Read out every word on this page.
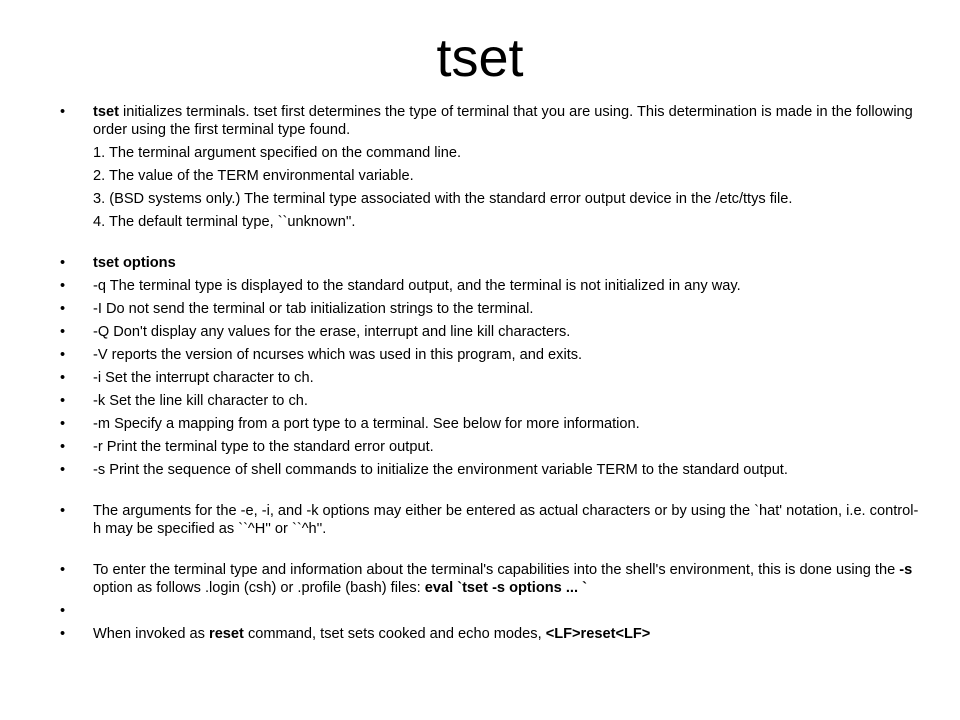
tset
• tset initializes terminals. tset first determines the type of terminal that you are using. This determination is made in the following order using the first terminal type found.
1. The terminal argument specified on the command line.
2. The value of the TERM environmental variable.
3. (BSD systems only.) The terminal type associated with the standard error output device in the /etc/ttys file.
4. The default terminal type, ``unknown''.
• tset options
• -q The terminal type is displayed to the standard output, and the terminal is not initialized in any way.
• -I Do not send the terminal or tab initialization strings to the terminal.
• -Q Don't display any values for the erase, interrupt and line kill characters.
• -V reports the version of ncurses which was used in this program, and exits.
• -i Set the interrupt character to ch.
• -k Set the line kill character to ch.
• -m Specify a mapping from a port type to a terminal. See below for more information.
• -r Print the terminal type to the standard error output.
• -s Print the sequence of shell commands to initialize the environment variable TERM to the standard output.
• The arguments for the -e, -i, and -k options may either be entered as actual characters or by using the `hat' notation, i.e. control-h may be specified as ``^H'' or ``^h''.
• To enter the terminal type and information about the terminal's capabilities into the shell's environment, this is done using the -s option as follows .login (csh) or .profile (bash) files: eval `tset -s options ... `
•

• When invoked as reset command, tset sets cooked and echo modes, <LF>reset<LF>
